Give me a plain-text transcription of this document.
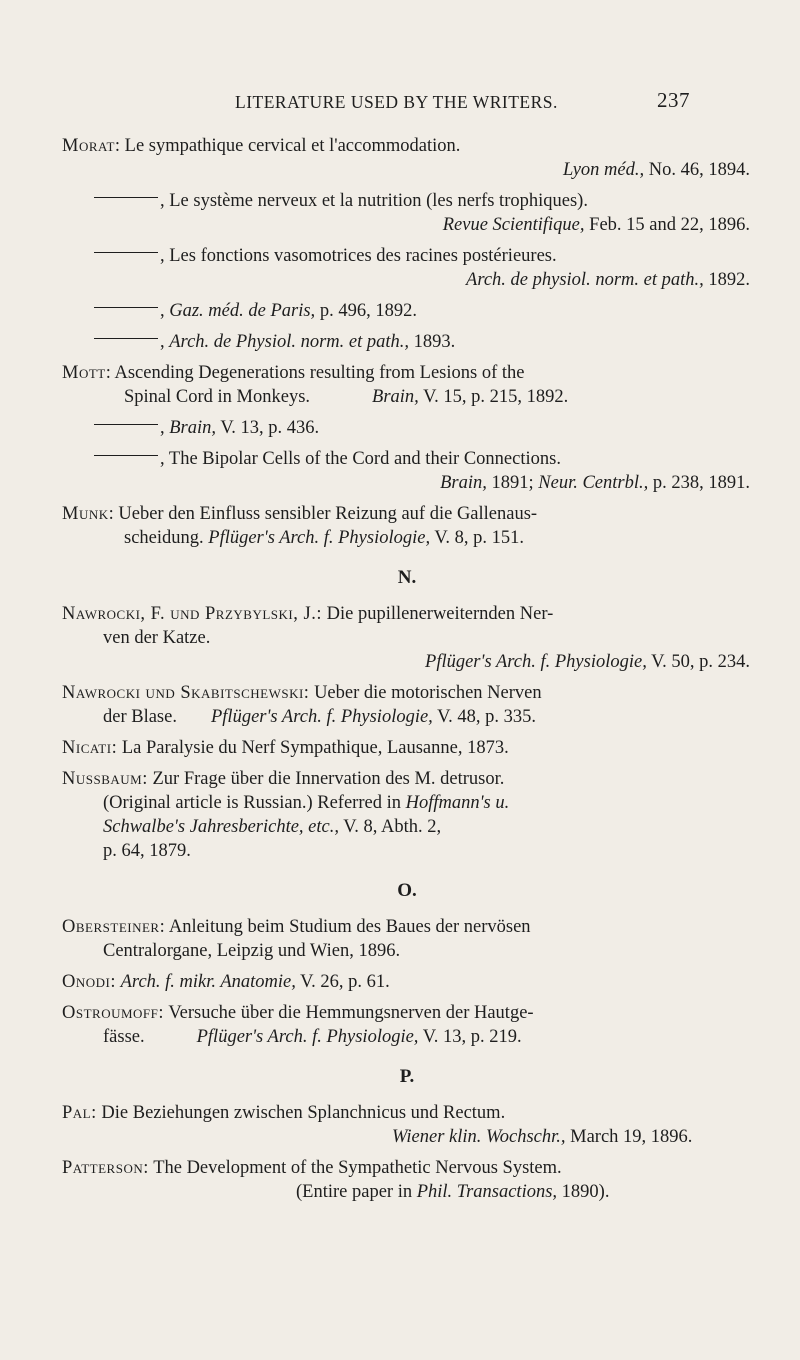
LITERATURE USED BY THE WRITERS.	237
Morat: Le sympathique cervical et l'accommodation.
Lyon méd., No. 46, 1894.
, Le système nerveux et la nutrition (les nerfs trophiques).
Revue Scientifique, Feb. 15 and 22, 1896.
, Les fonctions vasomotrices des racines postérieures.
Arch. de physiol. norm. et path., 1892.
, Gaz. méd. de Paris, p. 496, 1892.
, Arch. de Physiol. norm. et path., 1893.
Mott: Ascending Degenerations resulting from Lesions of the
Spinal Cord in Monkeys.	Brain, V. 15, p. 215, 1892.
, Brain, V. 13, p. 436.
, The Bipolar Cells of the Cord and their Connections.
Brain, 1891; Neur. Centrbl., p. 238, 1891.
Munk: Ueber den Einfluss sensibler Reizung auf die Gallenaus-
scheidung. Pflüger's Arch. f. Physiologie, V. 8, p. 151.
N.
Nawrocki, F. und Przybylski, J.: Die pupillenerweiternden Ner-
ven der Katze.
Pflüger's Arch. f. Physiologie, V. 50, p. 234.
Nawrocki und Skabitschewski: Ueber die motorischen Nerven
der Blase. Pflüger's Arch. f. Physiologie, V. 48, p. 335.
Nicati: La Paralysie du Nerf Sympathique, Lausanne, 1873.
Nussbaum: Zur Frage über die Innervation des M. detrusor.
(Original article is Russian.) Referred in Hoffmann's u.
Schwalbe's Jahresberichte, etc., V. 8, Abth. 2,
p. 64, 1879.
O.
Obersteiner: Anleitung beim Studium des Baues der nervösen
Centralorgane, Leipzig und Wien, 1896.
Onodi: Arch. f. mikr. Anatomie, V. 26, p. 61.
Ostroumoff: Versuche über die Hemmungsnerven der Hautge-
fässe.	Pflüger's Arch. f. Physiologie, V. 13, p. 219.
P.
Pal: Die Beziehungen zwischen Splanchnicus und Rectum.
Wiener klin. Wochschr., March 19, 1896.
Patterson: The Development of the Sympathetic Nervous System.
(Entire paper in Phil. Transactions, 1890).
